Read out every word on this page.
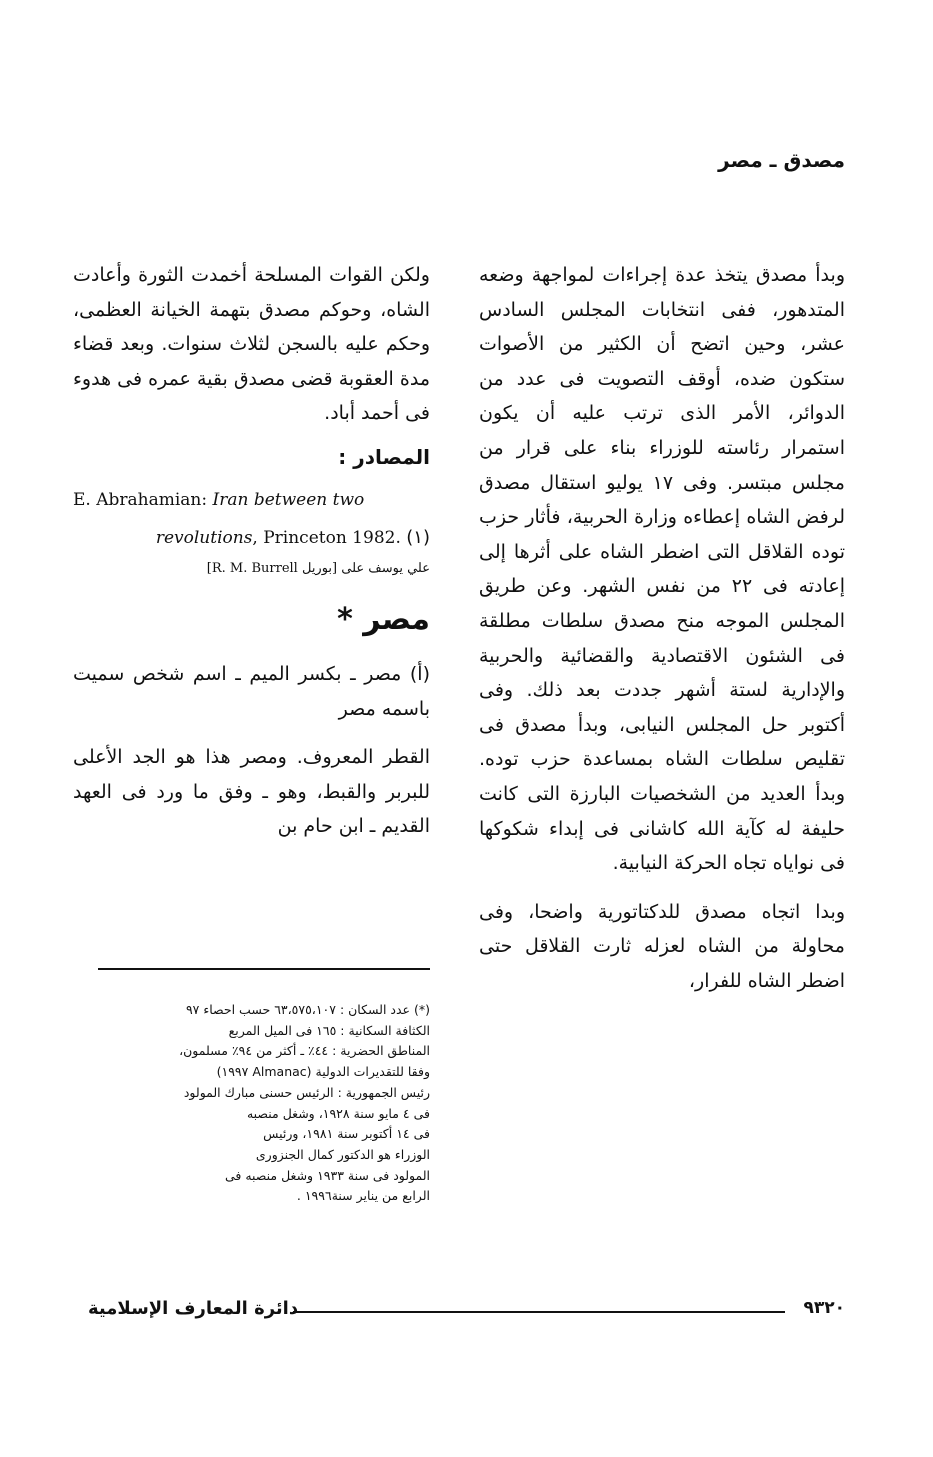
مصدق ـ مصر

وبدأ مصدق يتخذ عدة إجراءات لمواجهة وضعه المتدهور، ففى انتخابات المجلس السادس عشر، وحين اتضح أن الكثير من الأصوات ستكون ضده، أوقف التصويت فى عدد من الدوائر، الأمر الذى ترتب عليه أن يكون استمرار رئاسته للوزراء بناء على قرار من مجلس مبتسر. وفى ١٧ يوليو استقال مصدق لرفض الشاه إعطاءه وزارة الحربية، فأثار حزب توده القلاقل التى اضطر الشاه على أثرها إلى إعادته فى ٢٢ من نفس الشهر. وعن طريق المجلس الموجه منح مصدق سلطات مطلقة فى الشئون الاقتصادية والقضائية والحربية والإدارية لستة أشهر جددت بعد ذلك. وفى أكتوبر حل المجلس النيابى، وبدأ مصدق فى تقليص سلطات الشاه بمساعدة حزب توده. وبدأ العديد من الشخصيات البارزة التى كانت حليفة له كآية الله كاشانى فى إبداء شكوكها فى نواياه تجاه الحركة النيابية.

وبدا اتجاه مصدق للدكتاتورية واضحا، وفى محاولة من الشاه لعزله ثارت القلاقل حتى اضطر الشاه للفرار،

ولكن القوات المسلحة أخمدت الثورة وأعادت الشاه، وحوكم مصدق بتهمة الخيانة العظمى، وحكم عليه بالسجن لثلاث سنوات. وبعد قضاء مدة العقوبة قضى مصدق بقية عمره فى هدوء فى أحمد أباد.

المصادر :
E. Abrahamian: Iran between two revolutions, Princeton 1982. (١)
[R. M. Burrell علي يوسف على [بوريل
مصر *

(أ) مصر ـ بكسر الميم ـ اسم شخص سميت باسمه مصر

القطر المعروف. ومصر هذا هو الجد الأعلى للبربر والقبط، وهو ـ وفق ما ورد فى العهد القديم ـ ابن حام بن

(*) عدد السكان : ٦٣،٥٧٥،١٠٧ حسب احصاء ٩٧

الكثافة السكانية : ١٦٥ فى الميل المربع

المناطق الحضرية : ٤٤٪ ـ أكثر من ٩٤٪ مسلمون،

وفقا للتقديرات الدولية (Almanac ١٩٩٧)

رئيس الجمهورية : الرئيس حسنى مبارك المولود

فى ٤ مايو سنة ١٩٢٨، وشغل منصبه

فى ١٤ أكتوبر سنة ١٩٨١، ورئيس

الوزراء هو الدكتور كمال الجنزورى

المولود فى سنة ١٩٣٣ وشغل منصبه فى

الرابع من يناير سنة١٩٩٦ .

٩٣٢٠
دائرة المعارف الإسلامية
